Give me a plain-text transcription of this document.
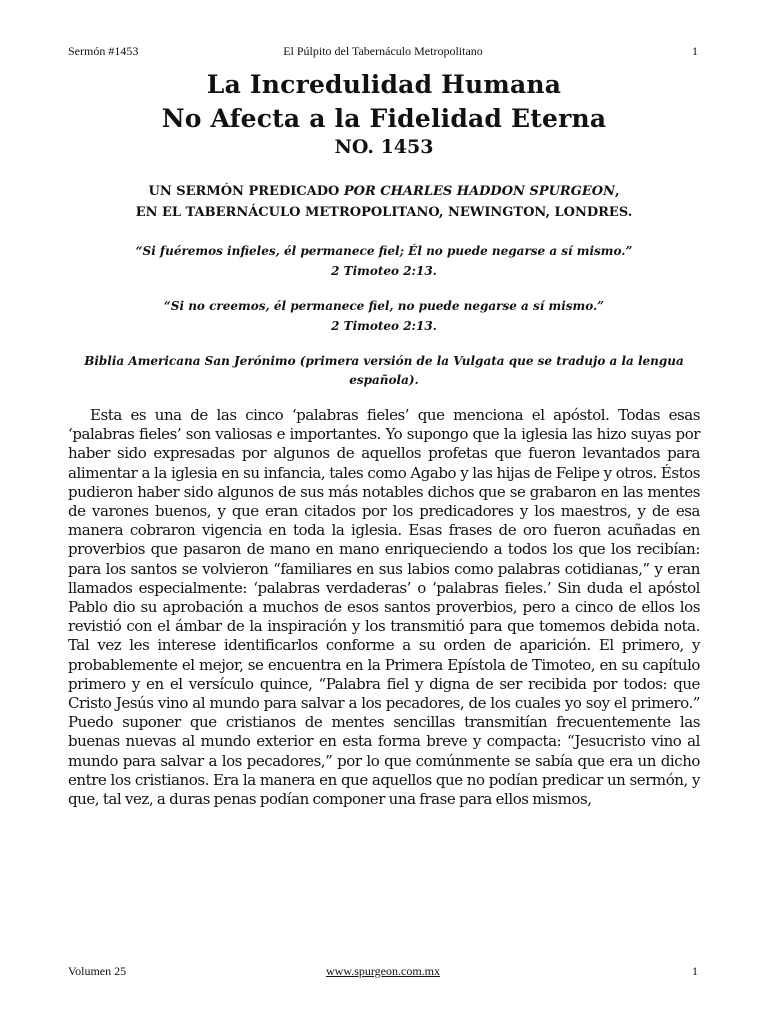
Sermón #1453	El Púlpito del Tabernáculo Metropolitano	1
La Incredulidad Humana
No Afecta a la Fidelidad Eterna
NO. 1453
UN SERMÓN PREDICADO POR CHARLES HADDON SPURGEON,
EN EL TABERNÁCULO METROPOLITANO, NEWINGTON, LONDRES.
“Si fuéremos infieles, él permanece fiel; Él no puede negarse a sí mismo.”
2 Timoteo 2:13.
“Si no creemos, él permanece fiel, no puede negarse a sí mismo.”
2 Timoteo 2:13.
Biblia Americana San Jerónimo (primera versión de la Vulgata que se tradujo a la lengua española).

Esta es una de las cinco ‘palabras fieles’ que menciona el apóstol. Todas esas ‘palabras fieles’ son valiosas e importantes. Yo supongo que la iglesia las hizo suyas por haber sido expresadas por algunos de aquellos profetas que fueron levantados para alimentar a la iglesia en su infancia, tales como Agabo y las hijas de Felipe y otros. Éstos pudieron haber sido algunos de sus más notables dichos que se grabaron en las mentes de varones buenos, y que eran citados por los predicadores y los maestros, y de esa manera cobraron vigencia en toda la iglesia. Esas frases de oro fueron acuñadas en proverbios que pasaron de mano en mano enriqueciendo a todos los que los recibían: para los santos se volvieron “familiares en sus labios como palabras cotidianas,” y eran llamados especialmente: ‘palabras verdaderas’ o ‘palabras fieles.’ Sin duda el apóstol Pablo dio su aprobación a muchos de esos santos proverbios, pero a cinco de ellos los revistió con el ámbar de la inspiración y los transmitió para que tomemos debida nota. Tal vez les interese identificarlos conforme a su orden de aparición. El primero, y probablemente el mejor, se encuentra en la Primera Epístola de Timoteo, en su capítulo primero y en el versículo quince, “Palabra fiel y digna de ser recibida por todos: que Cristo Jesús vino al mundo para salvar a los pecadores, de los cuales yo soy el primero.” Puedo suponer que cristianos de mentes sencillas transmitían frecuentemente las buenas nuevas al mundo exterior en esta forma breve y compacta: “Jesucristo vino al mundo para salvar a los pecadores,” por lo que comúnmente se sabía que era un dicho entre los cristianos. Era la manera en que aquellos que no podían predicar un sermón, y que, tal vez, a duras penas podían componer una frase para ellos mismos,

Volumen 25	www.spurgeon.com.mx	1
